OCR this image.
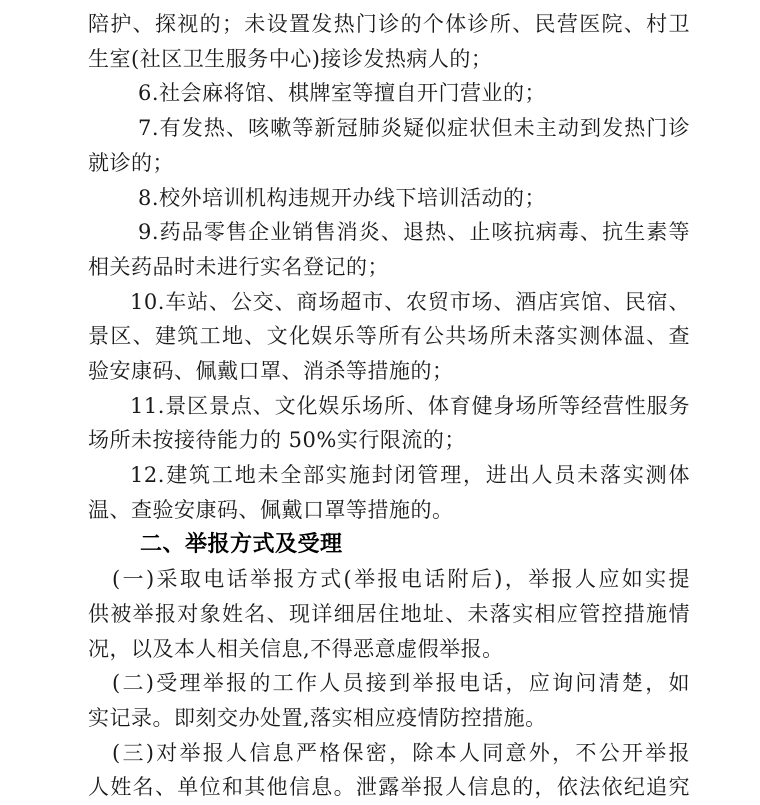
陪护、探视的；未设置发热门诊的个体诊所、民营医院、村卫
生室(社区卫生服务中心)接诊发热病人的；
6.社会麻将馆、棋牌室等擅自开门营业的；
7.有发热、咳嗽等新冠肺炎疑似症状但未主动到发热门诊
就诊的；
8.校外培训机构违规开办线下培训活动的；
9.药品零售企业销售消炎、退热、止咳抗病毒、抗生素等
相关药品时未进行实名登记的；
10.车站、公交、商场超市、农贸市场、酒店宾馆、民宿、
景区、建筑工地、文化娱乐等所有公共场所未落实测体温、查
验安康码、佩戴口罩、消杀等措施的；
11.景区景点、文化娱乐场所、体育健身场所等经营性服务
场所未按接待能力的 50%实行限流的；
12.建筑工地未全部实施封闭管理，进出人员未落实测体
温、查验安康码、佩戴口罩等措施的。
二、举报方式及受理
(一)采取电话举报方式(举报电话附后)，举报人应如实提
供被举报对象姓名、现详细居住地址、未落实相应管控措施情
况，以及本人相关信息,不得恶意虚假举报。
(二)受理举报的工作人员接到举报电话，应询问清楚，如
实记录。即刻交办处置,落实相应疫情防控措施。
(三)对举报人信息严格保密，除本人同意外，不公开举报
人姓名、单位和其他信息。泄露举报人信息的，依法依纪追究
